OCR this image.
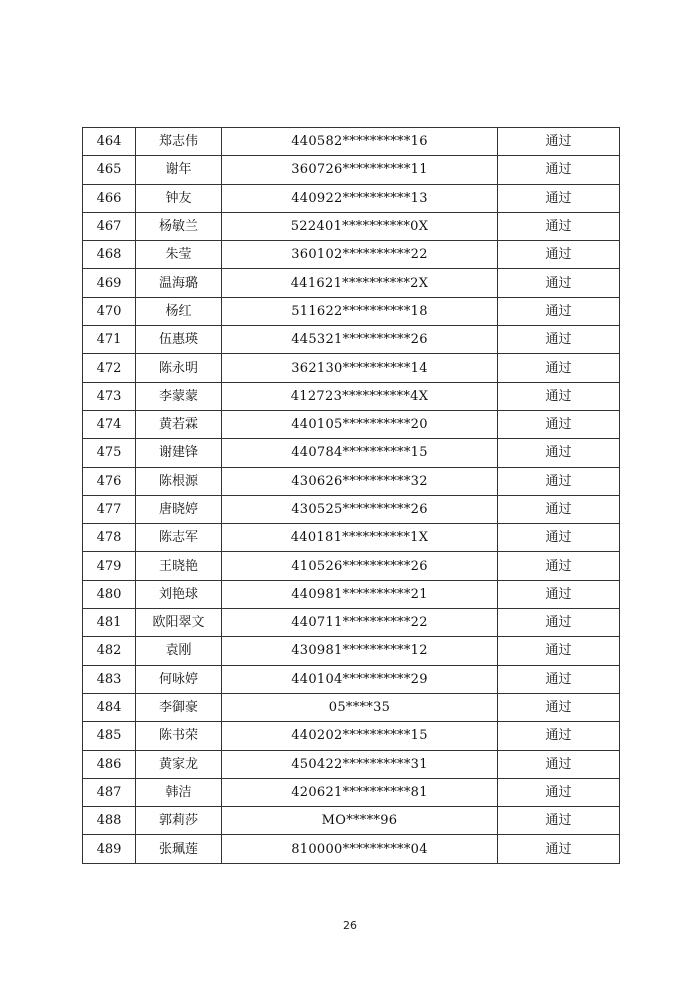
464	郑志伟	440582**********16	通过
465	谢年	360726**********11	通过
466	钟友	440922**********13	通过
467	杨敏兰	522401**********0X	通过
468	朱莹	360102**********22	通过
469	温海璐	441621**********2X	通过
470	杨红	511622**********18	通过
471	伍惠瑛	445321**********26	通过
472	陈永明	362130**********14	通过
473	李蒙蒙	412723**********4X	通过
474	黄若霖	440105**********20	通过
475	谢建锋	440784**********15	通过
476	陈根源	430626**********32	通过
477	唐晓婷	430525**********26	通过
478	陈志军	440181**********1X	通过
479	王晓艳	410526**********26	通过
480	刘艳球	440981**********21	通过
481	欧阳翠文	440711**********22	通过
482	袁刚	430981**********12	通过
483	何咏婷	440104**********29	通过
484	李御豪	05****35	通过
485	陈书荣	440202**********15	通过
486	黄家龙	450422**********31	通过
487	韩洁	420621**********81	通过
488	郭莉莎	MO*****96	通过
489	张珮莲	810000**********04	通过
26
